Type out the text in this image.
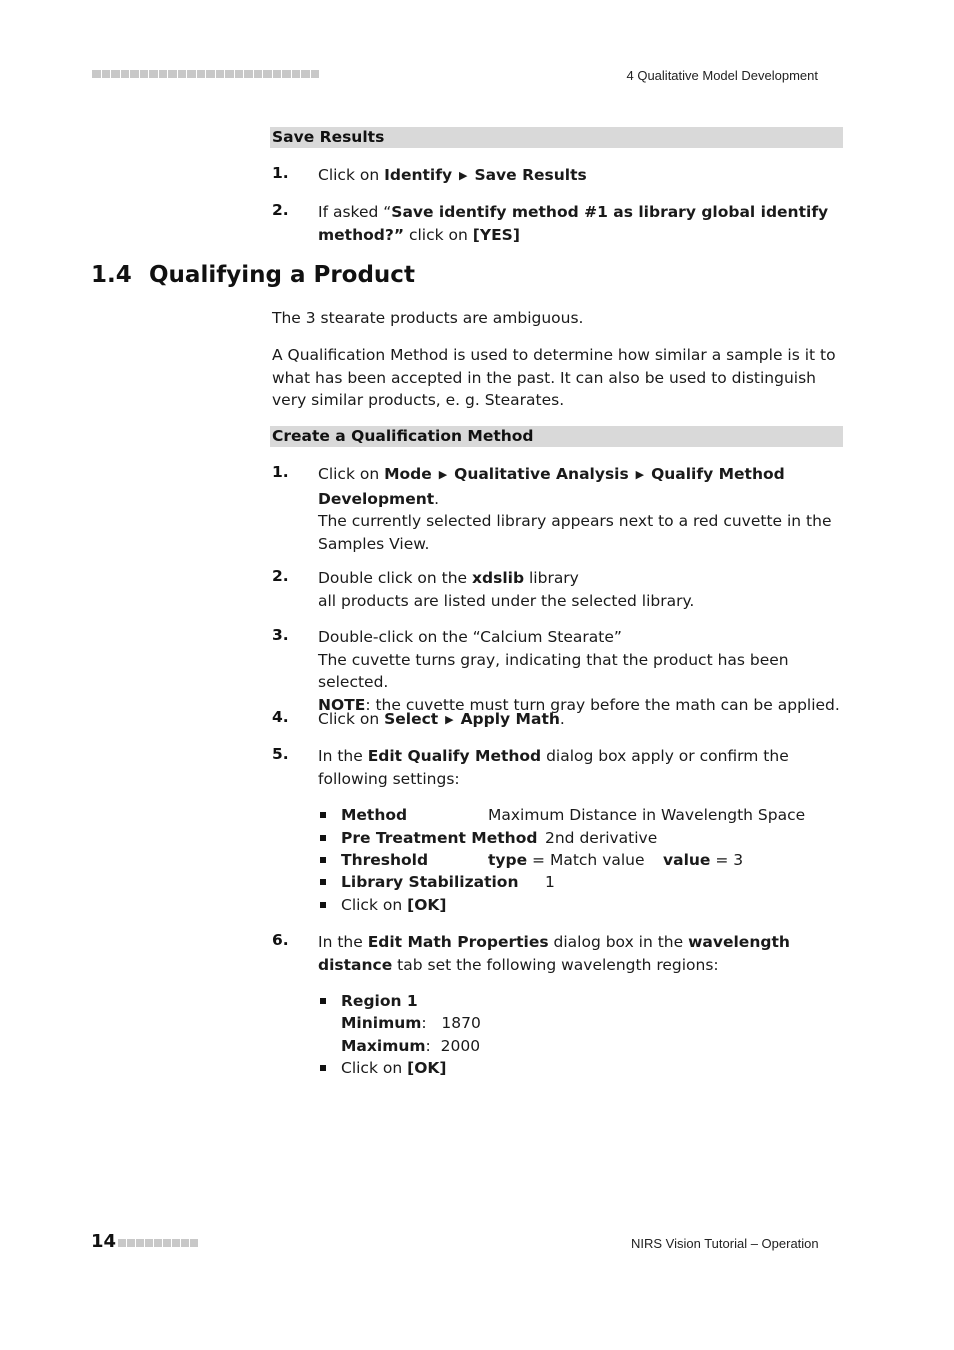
4 Qualitative Model Development
Save Results
1. Click on Identify ▶ Save Results
2. If asked “Save identify method #1 as library global identify method?” click on [YES]
1.4 Qualifying a Product
The 3 stearate products are ambiguous.
A Qualification Method is used to determine how similar a sample is it to what has been accepted in the past. It can also be used to distinguish very similar products, e. g. Stearates.
Create a Qualification Method
1. Click on Mode ▶ Qualitative Analysis ▶ Qualify Method Development.
The currently selected library appears next to a red cuvette in the Samples View.
2. Double click on the xdslib library
all products are listed under the selected library.
3. Double-click on the “Calcium Stearate”
The cuvette turns gray, indicating that the product has been selected.
NOTE: the cuvette must turn gray before the math can be applied.
4. Click on Select ▶ Apply Math.
5. In the Edit Qualify Method dialog box apply or confirm the following settings:
Method	Maximum Distance in Wavelength Space
Pre Treatment Method 2nd derivative
Threshold	type = Match value value = 3
Library Stabilization 1
Click on [OK]
6. In the Edit Math Properties dialog box in the wavelength distance tab set the following wavelength regions:
Region 1
Minimum:   1870
Maximum:  2000
Click on [OK]
14	NIRS Vision Tutorial – Operation
